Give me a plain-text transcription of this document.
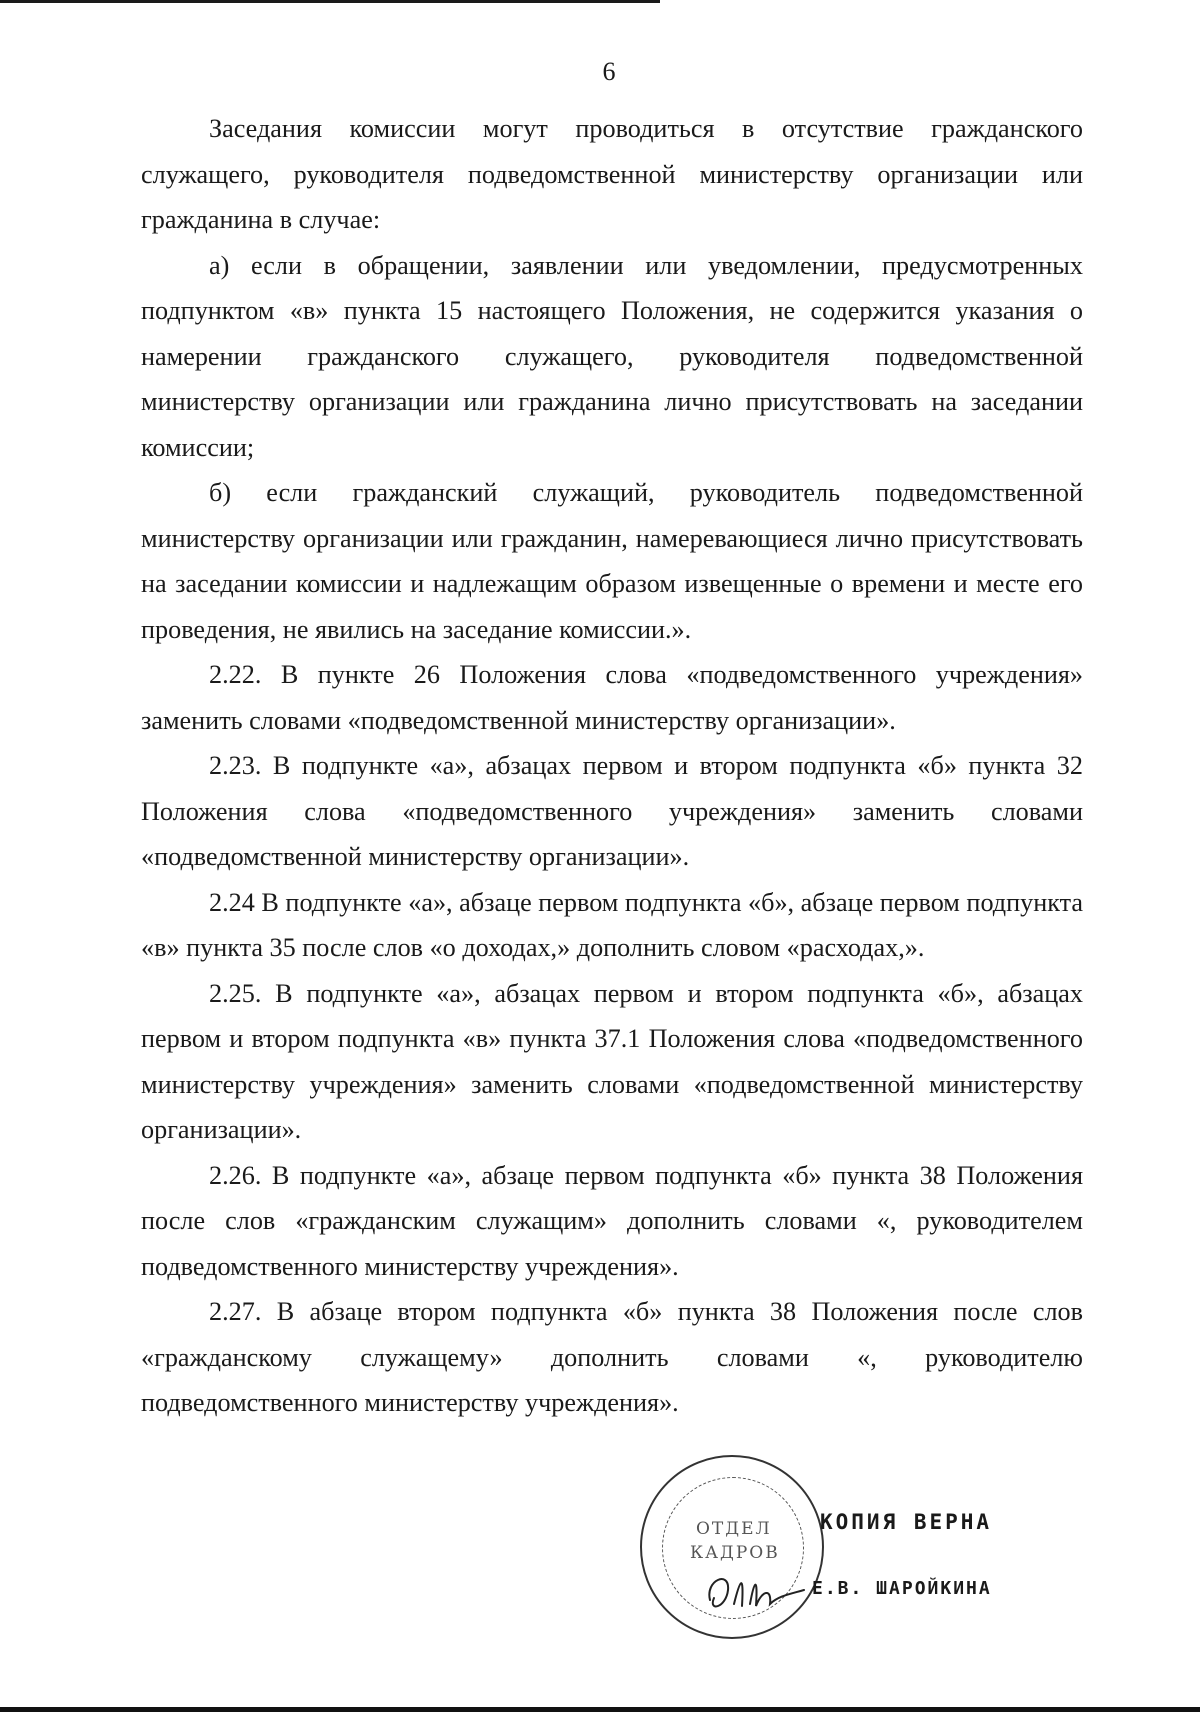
6

Заседания комиссии могут проводиться в отсутствие гражданского служащего, руководителя подведомственной министерству организации или гражданина в случае:

а) если в обращении, заявлении или уведомлении, предусмотренных подпунктом «в» пункта 15 настоящего Положения, не содержится указания о намерении гражданского служащего, руководителя подведомственной министерству организации или гражданина лично присутствовать на заседании комиссии;

б) если гражданский служащий, руководитель подведомственной министерству организации или гражданин, намеревающиеся лично присутствовать на заседании комиссии и надлежащим образом извещенные о времени и месте его проведения, не явились на заседание комиссии.».

2.22. В пункте 26 Положения слова «подведомственного учреждения» заменить словами «подведомственной министерству организации».

2.23. В подпункте «а», абзацах первом и втором подпункта «б» пункта 32 Положения слова «подведомственного учреждения» заменить словами «подведомственной министерству организации».

2.24 В подпункте «а», абзаце первом подпункта «б», абзаце первом подпункта «в» пункта 35 после слов «о доходах,» дополнить словом «расходах,».

2.25. В подпункте «а», абзацах первом и втором подпункта «б», абзацах первом и втором подпункта «в» пункта 37.1 Положения слова «подведомственного министерству учреждения» заменить словами «подведомственной министерству организации».

2.26. В подпункте «а», абзаце первом подпункта «б» пункта 38 Положения после слов «гражданским служащим» дополнить словами «, руководителем подведомственного министерству учреждения».

2.27. В абзаце втором подпункта «б» пункта 38 Положения после слов «гражданскому служащему» дополнить словами «, руководителю подведомственного министерству учреждения».

ОТДЕЛ
КАДРОВ
КОПИЯ ВЕРНА
Е.В. ШАРОЙКИНА
